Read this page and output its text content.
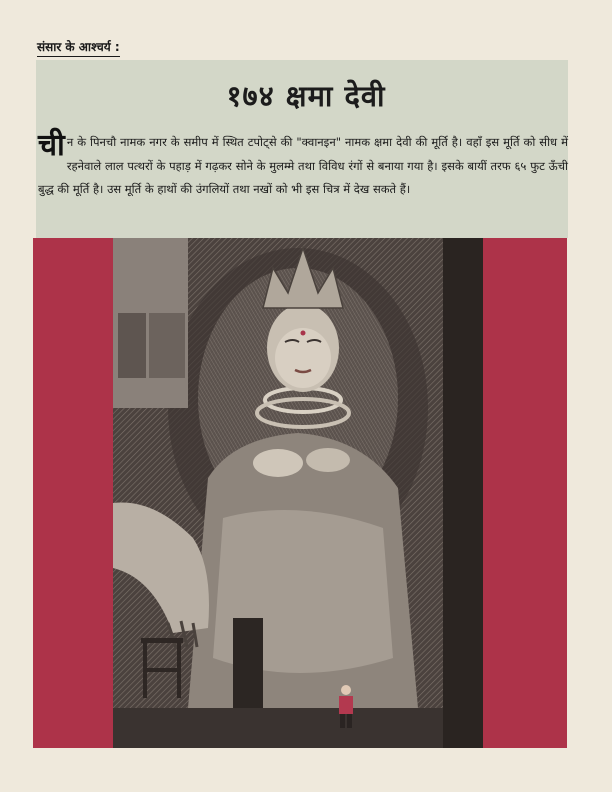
संसार के आश्चर्य :
१७४ क्षमा देवी
चीन के पिनचौ नामक नगर के समीप में स्थित टपोट्से की "क्वानइन" नामक क्षमा देवी की मूर्ति है। वहाँ इस मूर्ति को सीध में रहनेवाले लाल पत्थरों के पहाड़ में गढ़कर सोने के मुलम्मे तथा विविध रंगों से बनाया गया है। इसके बायीं तरफ ६५ फुट ऊँची बुद्ध की मूर्ति है। उस मूर्ति के हाथों की उंगलियों तथा नखों को भी इस चित्र में देख सकते हैं।
